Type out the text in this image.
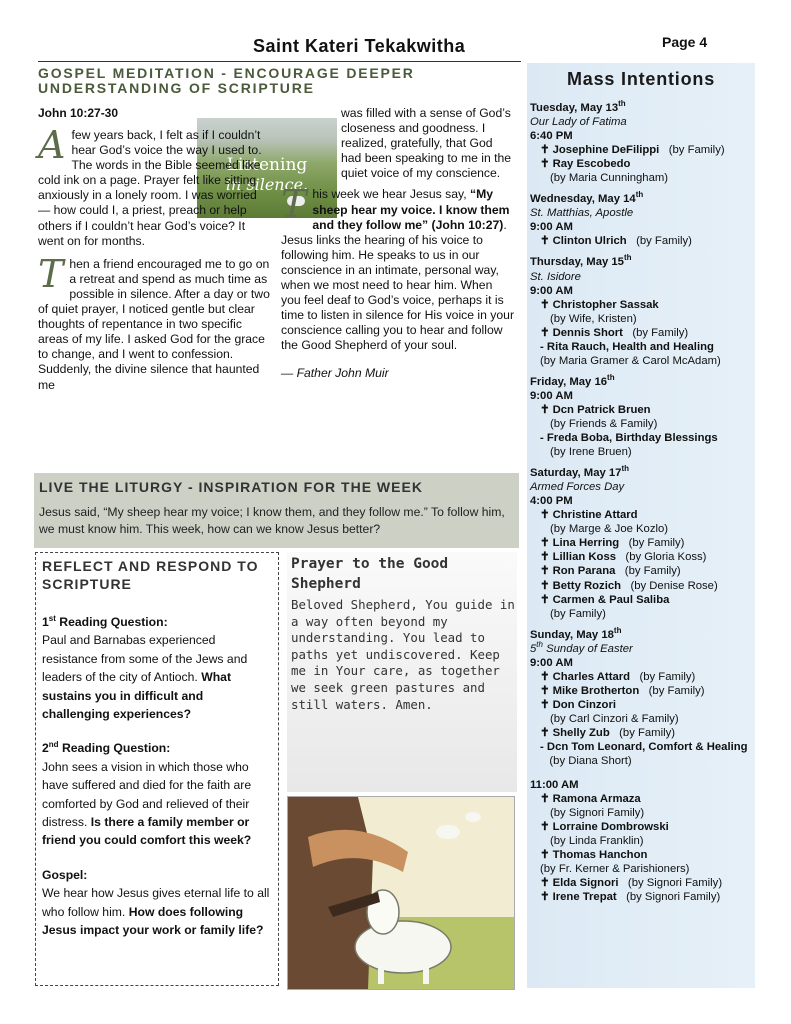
Saint Kateri Tekakwitha	Page 4
GOSPEL MEDITATION - ENCOURAGE DEEPER UNDERSTANDING OF SCRIPTURE
John 10:27-30
Listening
in silence.

Afew years back, I felt as if I couldn’t hear God’s voice the way I used to. The words in the Bible seemed like cold ink on a page. Prayer felt like sitting anxiously in a lonely room. I was worried — how could I, a priest, preach or help others if I couldn’t hear God’s voice? It went on for months.

Then a friend encouraged me to go on a retreat and spend as much time as possible in silence. After a day or two of quiet prayer, I noticed gentle but clear thoughts of repentance in two specific areas of my life. I asked God for the grace to change, and I went to confession. Suddenly, the divine silence that haunted me

was filled with a sense of God’s closeness and goodness. I realized, gratefully, that God had been speaking to me in the quiet voice of my conscience.

This week we hear Jesus say, “My sheep hear my voice. I know them and they follow me” (John 10:27). Jesus links the hearing of his voice to following him. He speaks to us in our conscience in an intimate, personal way, when we most need to hear him. When you feel deaf to God’s voice, perhaps it is time to listen in silence for His voice in your conscience calling you to hear and follow the Good Shepherd of your soul.

— Father John Muir

LIVE THE LITURGY - INSPIRATION FOR THE WEEK
Jesus said, “My sheep hear my voice; I know them, and they follow me.” To follow him, we must know him. This week, how can we know Jesus better?
REFLECT AND RESPOND TO SCRIPTURE

1st Reading Question:

Paul and Barnabas experienced resistance from some of the Jews and leaders of the city of Antioch. What sustains you in difficult and challenging experiences?

2nd Reading Question:

John sees a vision in which those who have suffered and died for the faith are comforted by God and relieved of their distress. Is there a family member or friend you could comfort this week?

Gospel:

We hear how Jesus gives eternal life to all who follow him. How does following Jesus impact your work or family life?

Prayer to the Good Shepherd
Beloved Shepherd, You guide in a way often beyond my understanding. You lead to paths yet undiscovered. Keep me in Your care, as together we seek green pastures and still waters. Amen.
Mass Intentions
Tuesday, May 13th
Our Lady of Fatima
6:40 PM
✝ Josephine DeFilippi   (by Family)
✝ Ray Escobedo
(by Maria Cunningham)
Wednesday, May 14th
St. Matthias, Apostle
9:00 AM
✝ Clinton Ulrich   (by Family)
Thursday, May 15th
St. Isidore
9:00 AM
✝ Christopher Sassak
(by Wife, Kristen)
✝ Dennis Short   (by Family)
- Rita Rauch, Health and Healing
(by Maria Gramer & Carol McAdam)
Friday, May 16th
9:00 AM
✝ Dcn Patrick Bruen
(by Friends & Family)
- Freda Boba, Birthday Blessings
(by Irene Bruen)
Saturday, May 17th
Armed Forces Day
4:00 PM
✝ Christine Attard
(by Marge & Joe Kozlo)
✝ Lina Herring   (by Family)
✝ Lillian Koss   (by Gloria Koss)
✝ Ron Parana   (by Family)
✝ Betty Rozich   (by Denise Rose)
✝ Carmen & Paul Saliba
(by Family)
Sunday, May 18th
5th Sunday of Easter
9:00 AM
✝ Charles Attard   (by Family)
✝ Mike Brotherton   (by Family)
✝ Don Cinzori
(by Carl Cinzori & Family)
✝ Shelly Zub   (by Family)
- Dcn Tom Leonard, Comfort & Healing   (by Diana Short)
11:00 AM
✝ Ramona Armaza
(by Signori Family)
✝ Lorraine Dombrowski
(by Linda Franklin)
✝ Thomas Hanchon
(by Fr. Kerner & Parishioners)
✝ Elda Signori   (by Signori Family)
✝ Irene Trepat   (by Signori Family)
